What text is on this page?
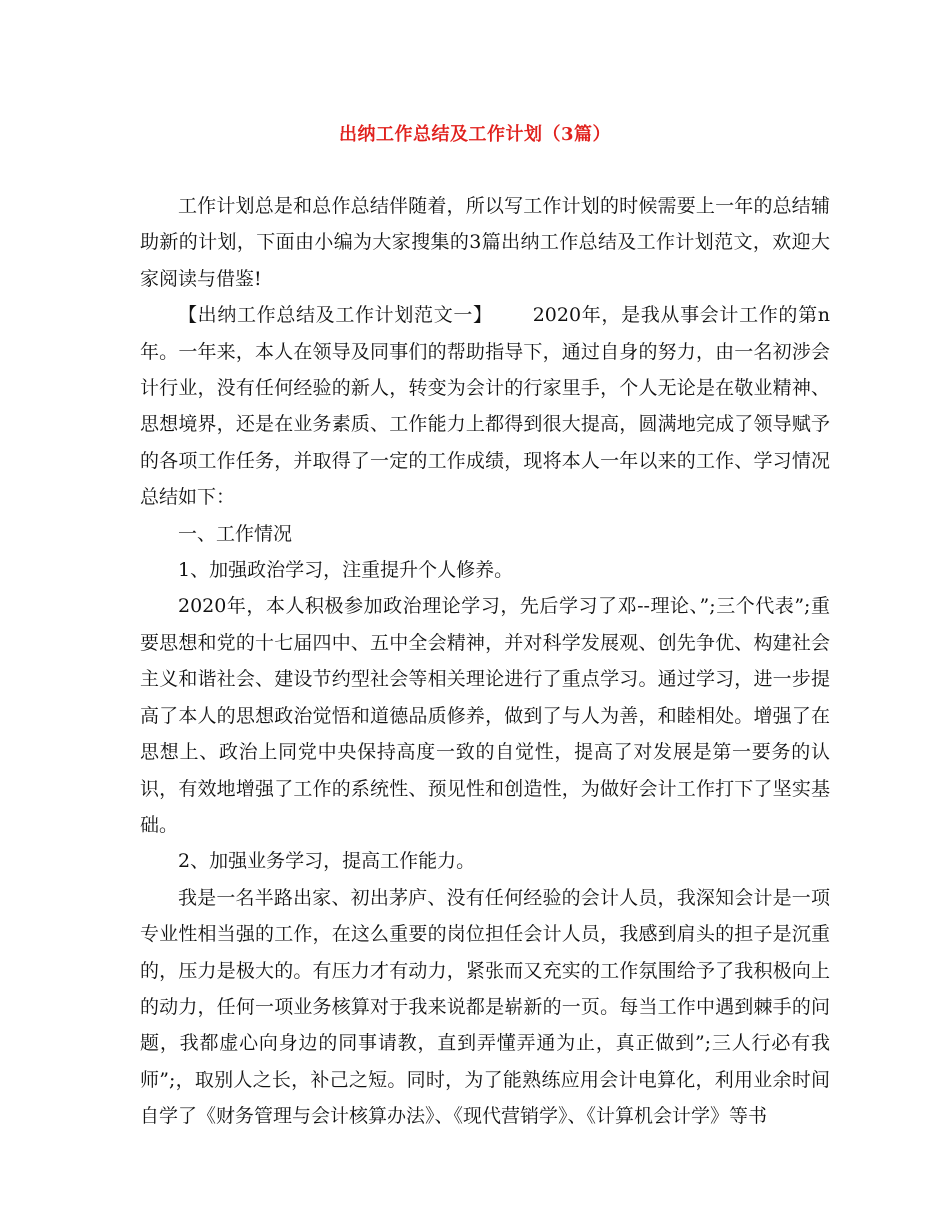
出纳工作总结及工作计划（3篇）

工作计划总是和总作总结伴随着，所以写工作计划的时候需要上一年的总结辅助新的计划，下面由小编为大家搜集的3篇出纳工作总结及工作计划范文，欢迎大家阅读与借鉴!

【出纳工作总结及工作计划范文一】 2020年，是我从事会计工作的第n年。一年来，本人在领导及同事们的帮助指导下，通过自身的努力，由一名初涉会计行业，没有任何经验的新人，转变为会计的行家里手，个人无论是在敬业精神、思想境界，还是在业务素质、工作能力上都得到很大提高，圆满地完成了领导赋予的各项工作任务，并取得了一定的工作成绩，现将本人一年以来的工作、学习情况总结如下：

一、工作情况

1、加强政治学习，注重提升个人修养。

2020年，本人积极参加政治理论学习，先后学习了邓--理论、”;三个代表”;重要思想和党的十七届四中、五中全会精神，并对科学发展观、创先争优、构建社会主义和谐社会、建设节约型社会等相关理论进行了重点学习。通过学习，进一步提高了本人的思想政治觉悟和道德品质修养，做到了与人为善，和睦相处。增强了在思想上、政治上同党中央保持高度一致的自觉性，提高了对发展是第一要务的认识，有效地增强了工作的系统性、预见性和创造性，为做好会计工作打下了坚实基础。

2、加强业务学习，提高工作能力。

我是一名半路出家、初出茅庐、没有任何经验的会计人员，我深知会计是一项专业性相当强的工作，在这么重要的岗位担任会计人员，我感到肩头的担子是沉重的，压力是极大的。有压力才有动力，紧张而又充实的工作氛围给予了我积极向上的动力，任何一项业务核算对于我来说都是崭新的一页。每当工作中遇到棘手的问题，我都虚心向身边的同事请教，直到弄懂弄通为止，真正做到”;三人行必有我师”;，取别人之长，补己之短。同时，为了能熟练应用会计电算化，利用业余时间自学了《财务管理与会计核算办法》、《现代营销学》、《计算机会计学》等书
